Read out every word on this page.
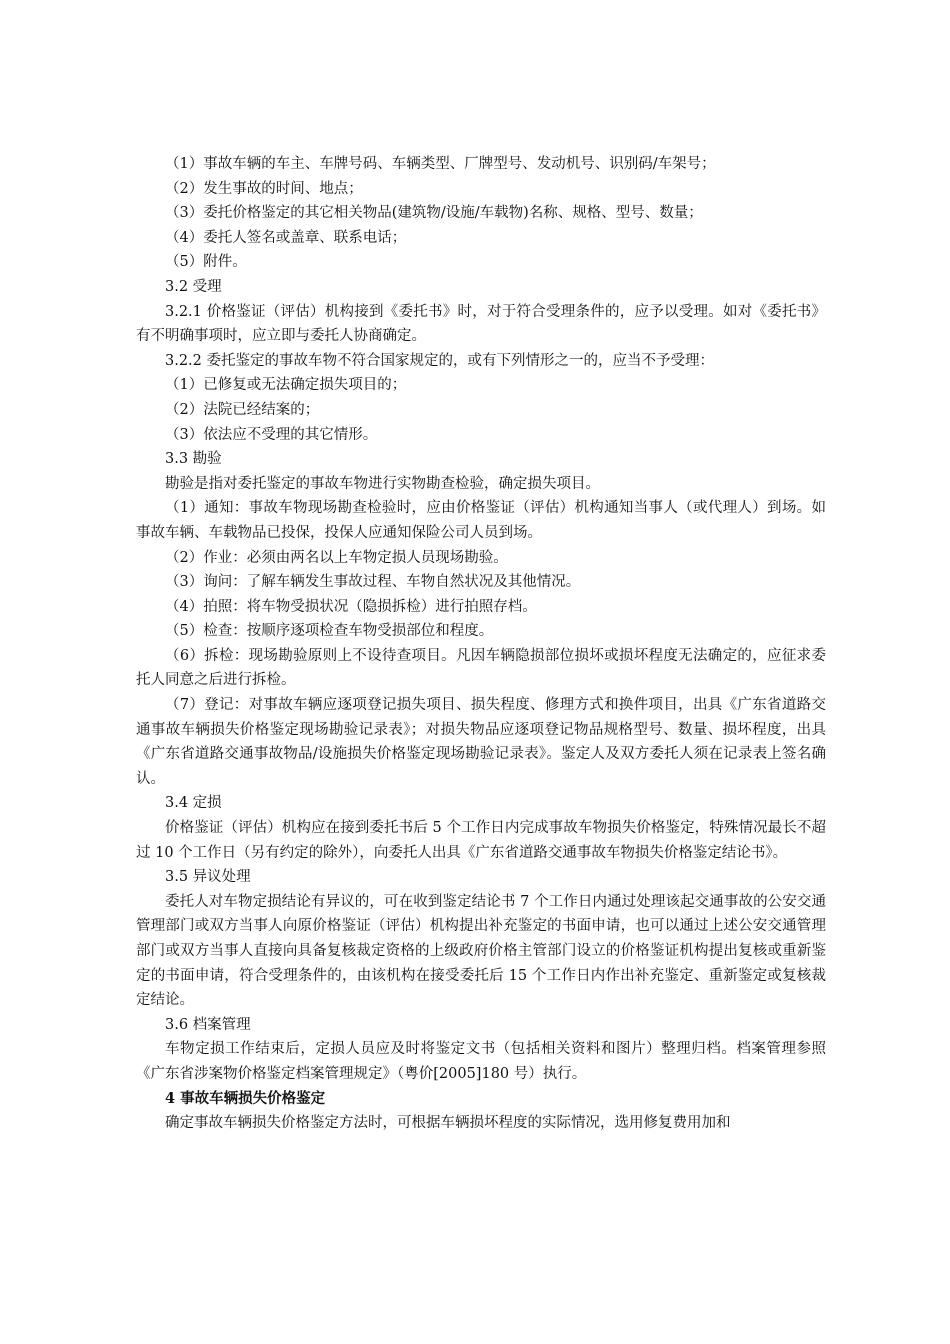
（1）事故车辆的车主、车牌号码、车辆类型、厂牌型号、发动机号、识别码/车架号；

（2）发生事故的时间、地点；

（3）委托价格鉴定的其它相关物品(建筑物/设施/车载物)名称、规格、型号、数量；

（4）委托人签名或盖章、联系电话；

（5）附件。

3.2 受理

3.2.1 价格鉴证（评估）机构接到《委托书》时，对于符合受理条件的，应予以受理。如对《委托书》有不明确事项时，应立即与委托人协商确定。

3.2.2 委托鉴定的事故车物不符合国家规定的，或有下列情形之一的，应当不予受理：

（1）已修复或无法确定损失项目的；

（2）法院已经结案的；

（3）依法应不受理的其它情形。

3.3 勘验

勘验是指对委托鉴定的事故车物进行实物勘查检验，确定损失项目。

（1）通知：事故车物现场勘查检验时，应由价格鉴证（评估）机构通知当事人（或代理人）到场。如事故车辆、车载物品已投保，投保人应通知保险公司人员到场。

（2）作业：必须由两名以上车物定损人员现场勘验。

（3）询问：了解车辆发生事故过程、车物自然状况及其他情况。

（4）拍照：将车物受损状况（隐损拆检）进行拍照存档。

（5）检查：按顺序逐项检查车物受损部位和程度。

（6）拆检：现场勘验原则上不设待查项目。凡因车辆隐损部位损坏或损坏程度无法确定的，应征求委托人同意之后进行拆检。

（7）登记：对事故车辆应逐项登记损失项目、损失程度、修理方式和换件项目，出具《广东省道路交通事故车辆损失价格鉴定现场勘验记录表》；对损失物品应逐项登记物品规格型号、数量、损坏程度，出具《广东省道路交通事故物品/设施损失价格鉴定现场勘验记录表》。鉴定人及双方委托人须在记录表上签名确认。

3.4 定损

价格鉴证（评估）机构应在接到委托书后 5 个工作日内完成事故车物损失价格鉴定，特殊情况最长不超过 10 个工作日（另有约定的除外），向委托人出具《广东省道路交通事故车物损失价格鉴定结论书》。

3.5 异议处理

委托人对车物定损结论有异议的，可在收到鉴定结论书 7 个工作日内通过处理该起交通事故的公安交通管理部门或双方当事人向原价格鉴证（评估）机构提出补充鉴定的书面申请，也可以通过上述公安交通管理部门或双方当事人直接向具备复核裁定资格的上级政府价格主管部门设立的价格鉴证机构提出复核或重新鉴定的书面申请，符合受理条件的，由该机构在接受委托后 15 个工作日内作出补充鉴定、重新鉴定或复核裁定结论。

3.6 档案管理

车物定损工作结束后，定损人员应及时将鉴定文书（包括相关资料和图片）整理归档。档案管理参照《广东省涉案物价格鉴定档案管理规定》（粤价[2005]180 号）执行。

4 事故车辆损失价格鉴定

确定事故车辆损失价格鉴定方法时，可根据车辆损坏程度的实际情况，选用修复费用加和
